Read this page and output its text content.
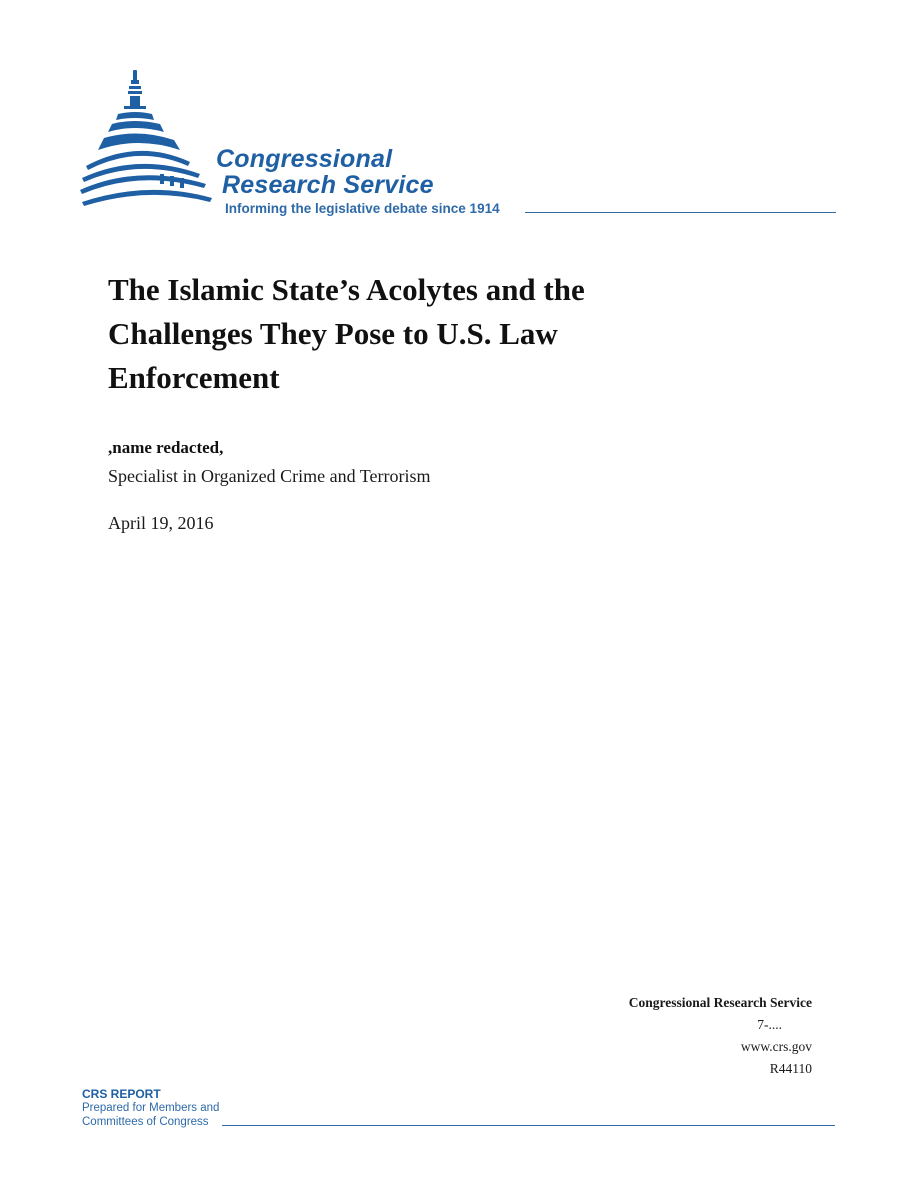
Congressional
Research Service
Informing the legislative debate since 1914
The Islamic State’s Acolytes and the Challenges They Pose to U.S. Law Enforcement
,name redacted,
Specialist in Organized Crime and Terrorism
April 19, 2016
Congressional Research Service
7-....
www.crs.gov
R44110
CRS REPORT
Prepared for Members and
Committees of Congress
